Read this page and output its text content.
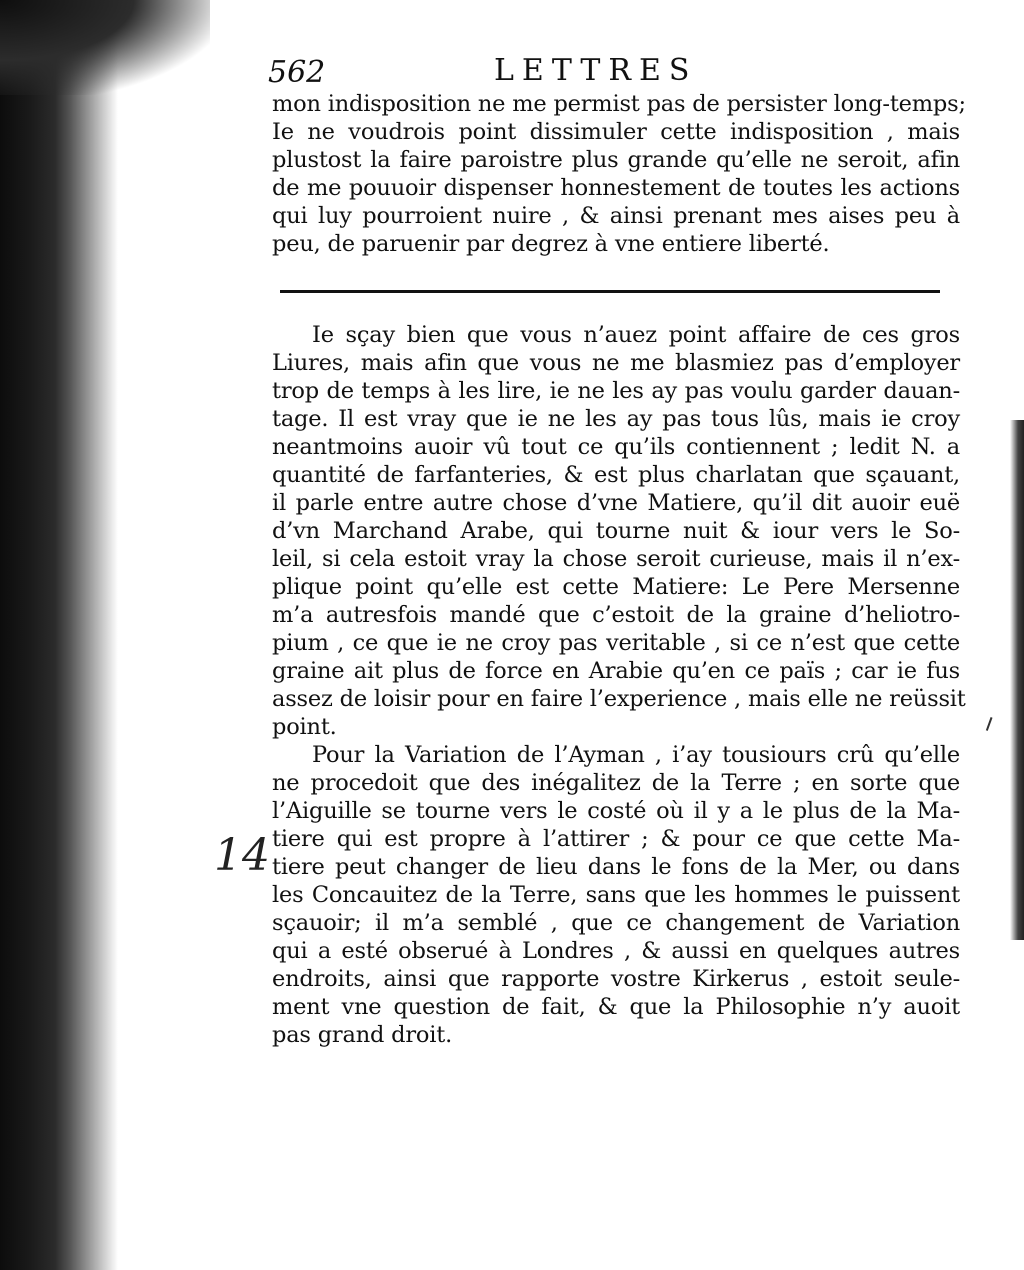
562	LETTRES
mon indisposition ne me permist pas de persister long-temps;
Ie ne voudrois point dissimuler cette indisposition , mais
plustost la faire paroistre plus grande qu’elle ne seroit, afin
de me pouuoir dispenser honnestement de toutes les actions
qui luy pourroient nuire , & ainsi prenant mes aises peu à
peu, de paruenir par degrez à vne entiere liberté.
Ie sçay bien que vous n’auez point affaire de ces gros
Liures, mais afin que vous ne me blasmiez pas d’employer
trop de temps à les lire, ie ne les ay pas voulu garder dauan-
tage. Il est vray que ie ne les ay pas tous lûs, mais ie croy
neantmoins auoir vû tout ce qu’ils contiennent ; ledit N. a
quantité de farfanteries, & est plus charlatan que sçauant,
il parle entre autre chose d’vne Matiere, qu’il dit auoir euë
d’vn Marchand Arabe, qui tourne nuit & iour vers le So-
leil, si cela estoit vray la chose seroit curieuse, mais il n’ex-
plique point qu’elle est cette Matiere: Le Pere Mersenne
m’a autresfois mandé que c’estoit de la graine d’heliotro-
pium , ce que ie ne croy pas veritable , si ce n’est que cette
graine ait plus de force en Arabie qu’en ce païs ; car ie fus
assez de loisir pour en faire l’experience , mais elle ne reüssit
point.
Pour la Variation de l’Ayman , i’ay tousiours crû qu’elle
ne procedoit que des inégalitez de la Terre ; en sorte que
l’Aiguille se tourne vers le costé où il y a le plus de la Ma-
tiere qui est propre à l’attirer ; & pour ce que cette Ma-
tiere peut changer de lieu dans le fons de la Mer, ou dans
les Concauitez de la Terre, sans que les hommes le puissent
sçauoir; il m’a semblé , que ce changement de Variation
qui a esté obserué à Londres , & aussi en quelques autres
endroits, ainsi que rapporte vostre Kirkerus , estoit seule-
ment vne question de fait, & que la Philosophie n’y auoit
pas grand droit.
14
